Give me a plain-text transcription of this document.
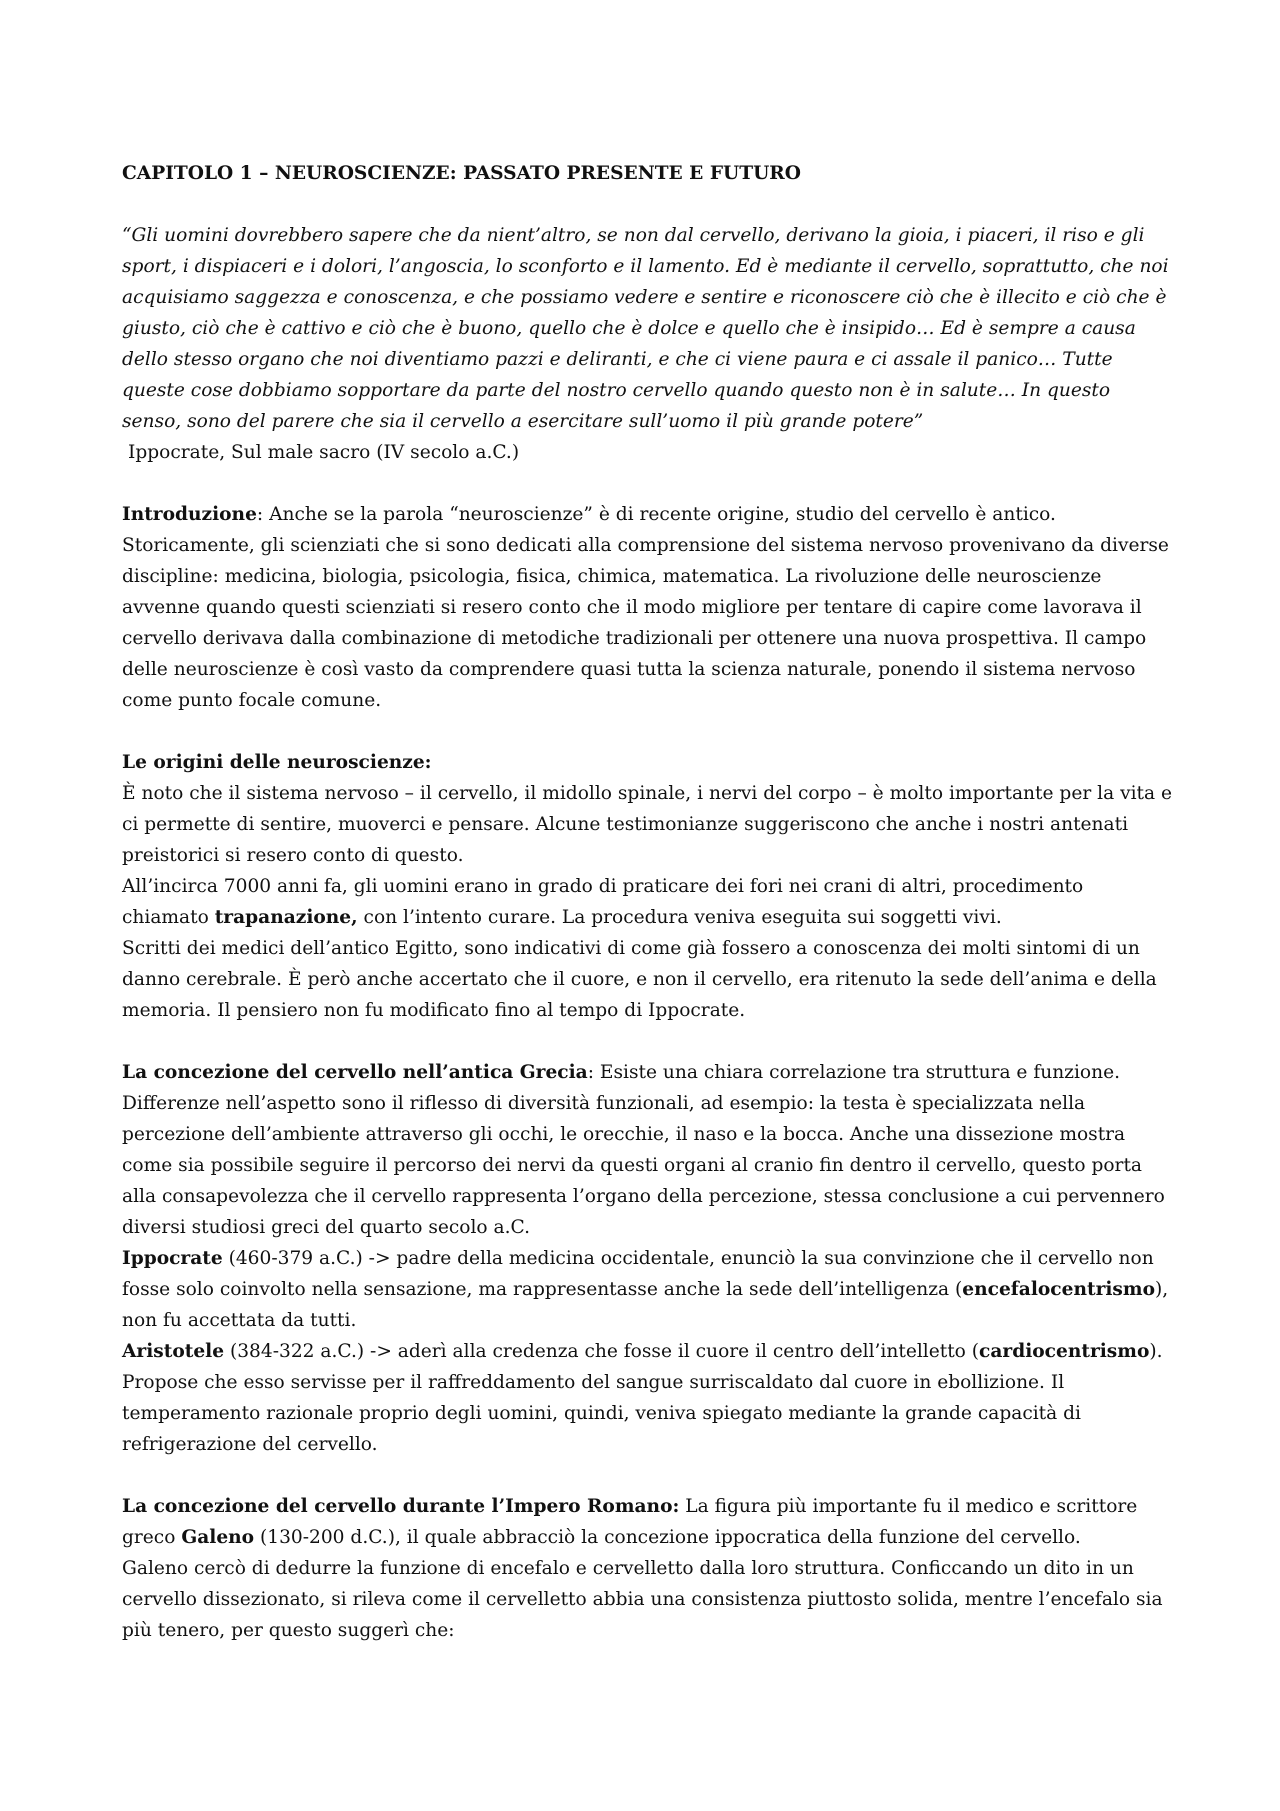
CAPITOLO 1 – NEUROSCIENZE: PASSATO PRESENTE E FUTURO

“Gli uomini dovrebbero sapere che da nient’altro, se non dal cervello, derivano la gioia, i piaceri, il riso e gli sport, i dispiaceri e i dolori, l’angoscia, lo sconforto e il lamento. Ed è mediante il cervello, soprattutto, che noi acquisiamo saggezza e conoscenza, e che possiamo vedere e sentire e riconoscere ciò che è illecito e ciò che è giusto, ciò che è cattivo e ciò che è buono, quello che è dolce e quello che è insipido… Ed è sempre a causa dello stesso organo che noi diventiamo pazzi e deliranti, e che ci viene paura e ci assale il panico… Tutte queste cose dobbiamo sopportare da parte del nostro cervello quando questo non è in salute… In questo senso, sono del parere che sia il cervello a esercitare sull’uomo il più grande potere”

Ippocrate, Sul male sacro (IV secolo a.C.)

Introduzione: Anche se la parola “neuroscienze” è di recente origine, studio del cervello è antico. Storicamente, gli scienziati che si sono dedicati alla comprensione del sistema nervoso provenivano da diverse discipline: medicina, biologia, psicologia, fisica, chimica, matematica. La rivoluzione delle neuroscienze avvenne quando questi scienziati si resero conto che il modo migliore per tentare di capire come lavorava il cervello derivava dalla combinazione di metodiche tradizionali per ottenere una nuova prospettiva. Il campo delle neuroscienze è così vasto da comprendere quasi tutta la scienza naturale, ponendo il sistema nervoso come punto focale comune.

Le origini delle neuroscienze:

È noto che il sistema nervoso – il cervello, il midollo spinale, i nervi del corpo – è molto importante per la vita e ci permette di sentire, muoverci e pensare. Alcune testimonianze suggeriscono che anche i nostri antenati preistorici si resero conto di questo.

All’incirca 7000 anni fa, gli uomini erano in grado di praticare dei fori nei crani di altri, procedimento chiamato trapanazione, con l’intento curare. La procedura veniva eseguita sui soggetti vivi.

Scritti dei medici dell’antico Egitto, sono indicativi di come già fossero a conoscenza dei molti sintomi di un danno cerebrale. È però anche accertato che il cuore, e non il cervello, era ritenuto la sede dell’anima e della memoria. Il pensiero non fu modificato fino al tempo di Ippocrate.

La concezione del cervello nell’antica Grecia: Esiste una chiara correlazione tra struttura e funzione. Differenze nell’aspetto sono il riflesso di diversità funzionali, ad esempio: la testa è specializzata nella percezione dell’ambiente attraverso gli occhi, le orecchie, il naso e la bocca. Anche una dissezione mostra come sia possibile seguire il percorso dei nervi da questi organi al cranio fin dentro il cervello, questo porta alla consapevolezza che il cervello rappresenta l’organo della percezione, stessa conclusione a cui pervennero diversi studiosi greci del quarto secolo a.C.

Ippocrate (460-379 a.C.) -> padre della medicina occidentale, enunciò la sua convinzione che il cervello non fosse solo coinvolto nella sensazione, ma rappresentasse anche la sede dell’intelligenza (encefalocentrismo), non fu accettata da tutti.

Aristotele (384-322 a.C.) -> aderì alla credenza che fosse il cuore il centro dell’intelletto (cardiocentrismo). Propose che esso servisse per il raffreddamento del sangue surriscaldato dal cuore in ebollizione. Il temperamento razionale proprio degli uomini, quindi, veniva spiegato mediante la grande capacità di refrigerazione del cervello.

La concezione del cervello durante l’Impero Romano: La figura più importante fu il medico e scrittore greco Galeno (130-200 d.C.), il quale abbracciò la concezione ippocratica della funzione del cervello.

Galeno cercò di dedurre la funzione di encefalo e cervelletto dalla loro struttura. Conficcando un dito in un cervello dissezionato, si rileva come il cervelletto abbia una consistenza piuttosto solida, mentre l’encefalo sia più tenero, per questo suggerì che:
